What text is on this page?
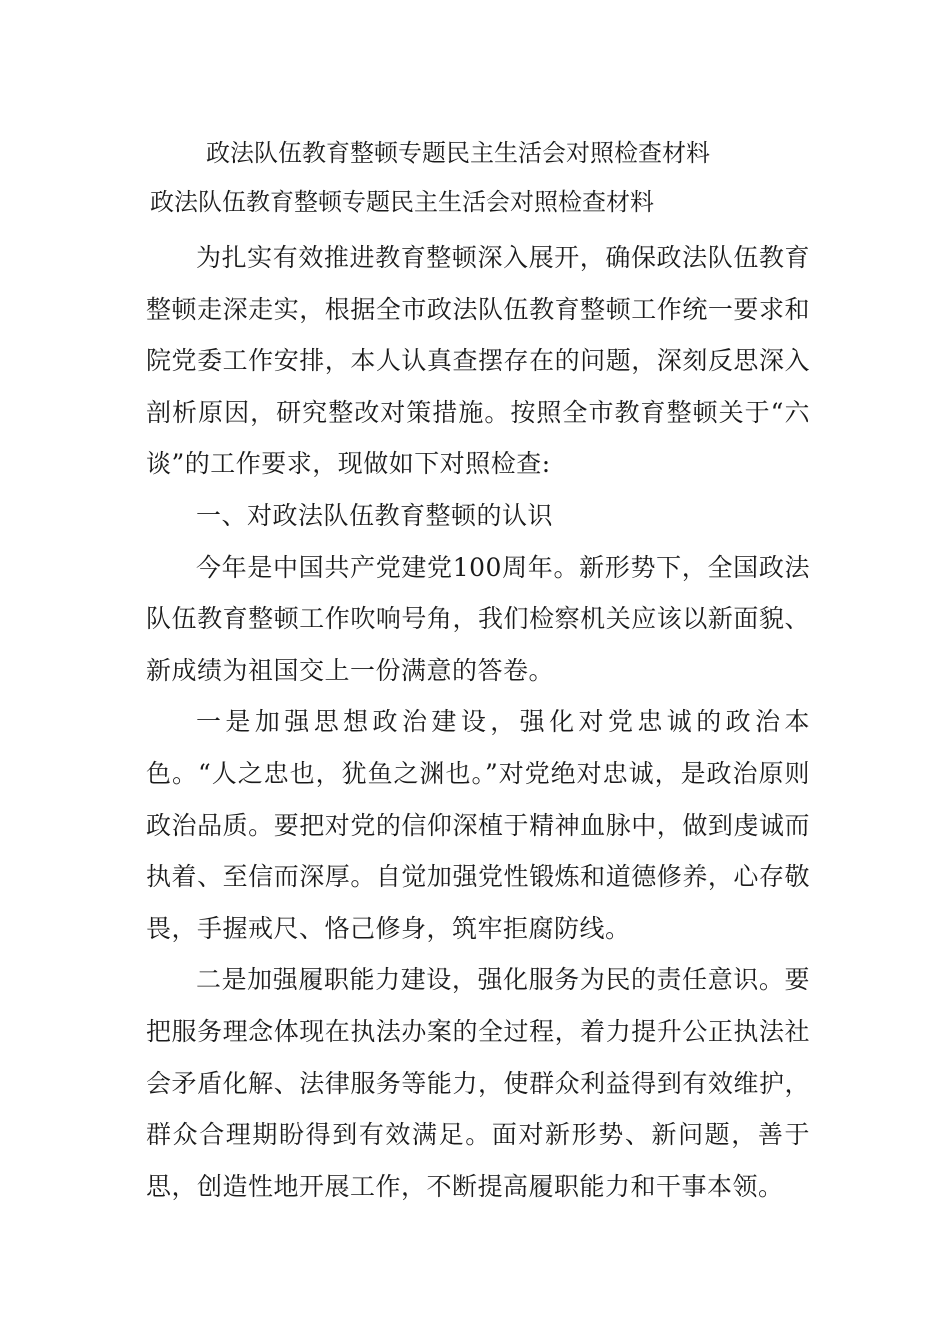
政法队伍教育整顿专题民主生活会对照检查材料
政法队伍教育整顿专题民主生活会对照检查材料

为扎实有效推进教育整顿深入展开，确保政法队伍教育整顿走深走实，根据全市政法队伍教育整顿工作统一要求和院党委工作安排，本人认真查摆存在的问题，深刻反思深入剖析原因，研究整改对策措施。按照全市教育整顿关于“六谈”的工作要求，现做如下对照检查:

一、对政法队伍教育整顿的认识

今年是中国共产党建党100周年。新形势下，全国政法队伍教育整顿工作吹响号角，我们检察机关应该以新面貌、新成绩为祖国交上一份满意的答卷。

一是加强思想政治建设，强化对党忠诚的政治本色。“人之忠也，犹鱼之渊也。”对党绝对忠诚，是政治原则政治品质。要把对党的信仰深植于精神血脉中，做到虔诚而执着、至信而深厚。自觉加强党性锻炼和道德修养，心存敬畏，手握戒尺、恪己修身，筑牢拒腐防线。

二是加强履职能力建设，强化服务为民的责任意识。要把服务理念体现在执法办案的全过程，着力提升公正执法社会矛盾化解、法律服务等能力，使群众利益得到有效维护，群众合理期盼得到有效满足。面对新形势、新问题，善于思，创造性地开展工作，不断提高履职能力和干事本领。
